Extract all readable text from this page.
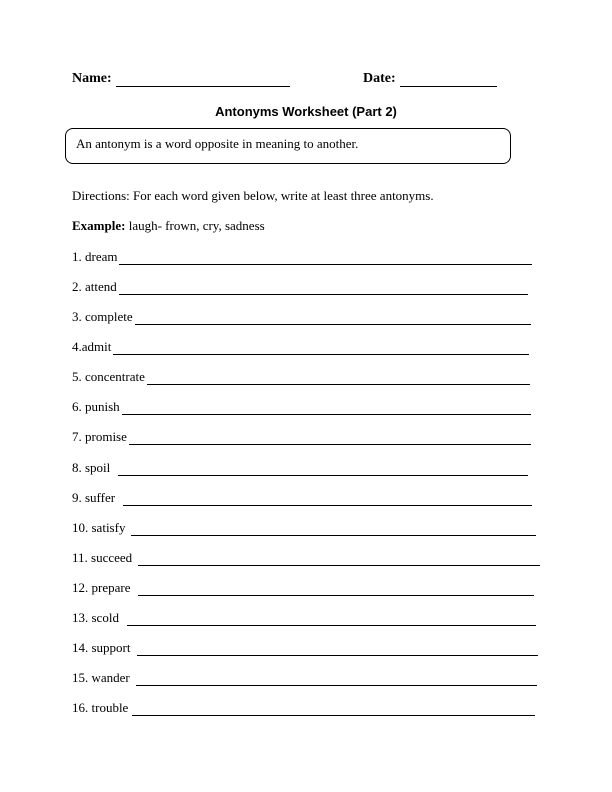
Name:	Date:
Antonyms Worksheet (Part 2)
An antonym is a word opposite in meaning to another.
Directions: For each word given below, write at least three antonyms.
Example: laugh- frown, cry, sadness
1. dream
2. attend
3. complete
4.admit
5. concentrate
6. punish
7. promise
8. spoil
9. suffer
10. satisfy
11. succeed
12. prepare
13. scold
14. support
15. wander
16. trouble
